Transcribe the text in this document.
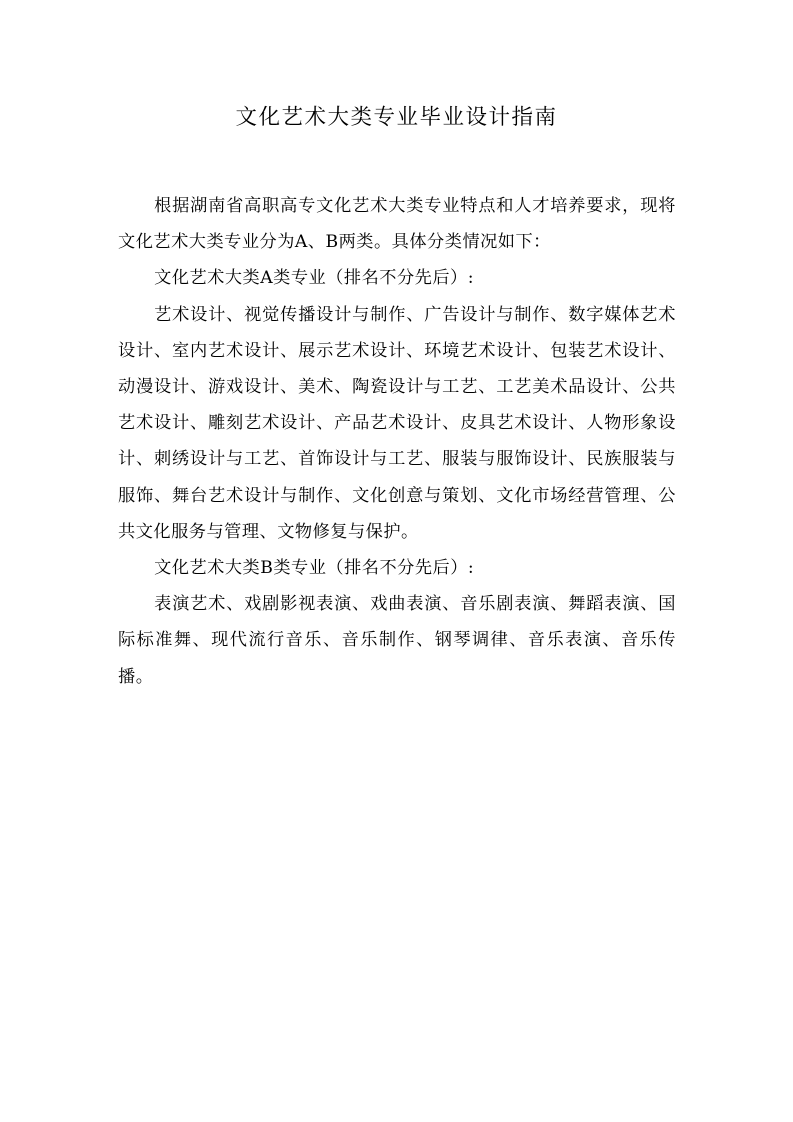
文化艺术大类专业毕业设计指南

根据湖南省高职高专文化艺术大类专业特点和人才培养要求，现将文化艺术大类专业分为A、B两类。具体分类情况如下：

文化艺术大类A类专业（排名不分先后）:

艺术设计、视觉传播设计与制作、广告设计与制作、数字媒体艺术设计、室内艺术设计、展示艺术设计、环境艺术设计、包装艺术设计、动漫设计、游戏设计、美术、陶瓷设计与工艺、工艺美术品设计、公共艺术设计、雕刻艺术设计、产品艺术设计、皮具艺术设计、人物形象设计、刺绣设计与工艺、首饰设计与工艺、服装与服饰设计、民族服装与服饰、舞台艺术设计与制作、文化创意与策划、文化市场经营管理、公共文化服务与管理、文物修复与保护。

文化艺术大类B类专业（排名不分先后）:

表演艺术、戏剧影视表演、戏曲表演、音乐剧表演、舞蹈表演、国际标准舞、现代流行音乐、音乐制作、钢琴调律、音乐表演、音乐传播。
